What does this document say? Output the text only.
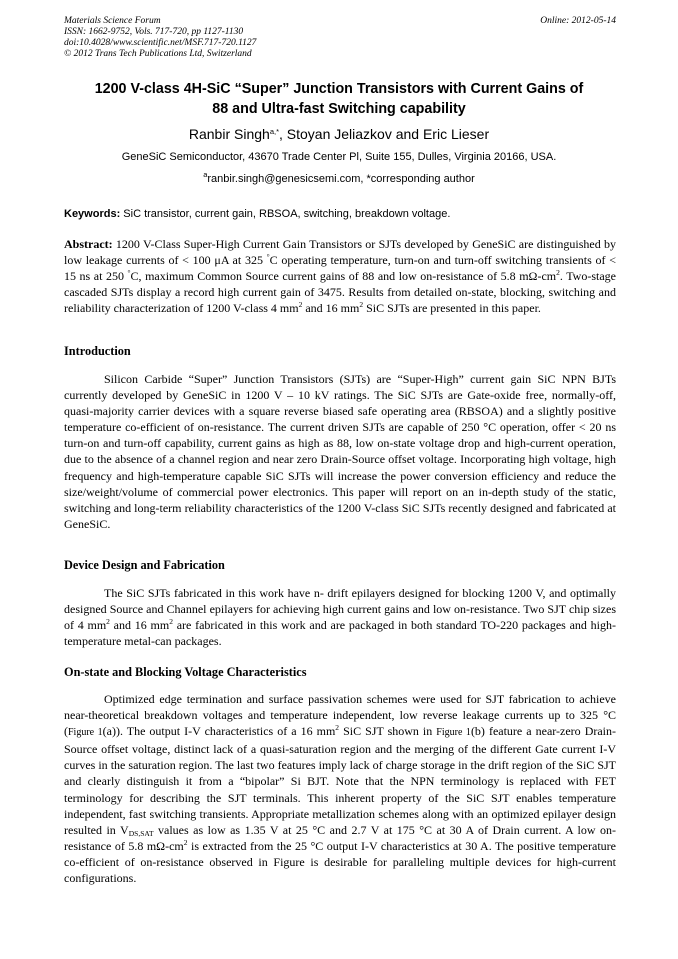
Materials Science Forum
ISSN: 1662-9752, Vols. 717-720, pp 1127-1130
doi:10.4028/www.scientific.net/MSF.717-720.1127
© 2012 Trans Tech Publications Ltd, Switzerland
Online: 2012-05-14
1200 V-class 4H-SiC “Super” Junction Transistors with Current Gains of
88 and Ultra-fast Switching capability
Ranbir Singh$^{a,*}$, Stoyan Jeliazkov and Eric Lieser
GeneSiC Semiconductor, 43670 Trade Center Pl, Suite 155, Dulles, Virginia 20166, USA.
$^a$ranbir.singh@genesicsemi.com, *corresponding author
Keywords: SiC transistor, current gain, RBSOA, switching, breakdown voltage.
Abstract: 1200 V-Class Super-High Current Gain Transistors or SJTs developed by GeneSiC are distinguished by low leakage currents of < 100 μA at 325 °C operating temperature, turn-on and turn-off switching transients of < 15 ns at 250 °C, maximum Common Source current gains of 88 and low on-resistance of 5.8 $m\Omega-cm^2$. Two-stage cascaded SJTs display a record high current gain of 3475. Results from detailed on-state, blocking, switching and reliability characterization of 1200 V-class 4 $mm^2$ and 16 $mm^2$ SiC SJTs are presented in this paper.
Introduction
Silicon Carbide “Super” Junction Transistors (SJTs) are “Super-High” current gain SiC NPN BJTs currently developed by GeneSiC in 1200 V – 10 kV ratings. The SiC SJTs are Gate-oxide free, normally-off, quasi-majority carrier devices with a square reverse biased safe operating area (RBSOA) and a slightly positive temperature co-efficient of on-resistance. The current driven SJTs are capable of 250 °C operation, offer < 20 ns turn-on and turn-off capability, current gains as high as 88, low on-state voltage drop and high-current operation, due to the absence of a channel region and near zero Drain-Source offset voltage. Incorporating high voltage, high frequency and high-temperature capable SiC SJTs will increase the power conversion efficiency and reduce the size/weight/volume of commercial power electronics. This paper will report on an in-depth study of the static, switching and long-term reliability characteristics of the 1200 V-class SiC SJTs recently designed and fabricated at GeneSiC.
Device Design and Fabrication
The SiC SJTs fabricated in this work have n- drift epilayers designed for blocking 1200 V, and optimally designed Source and Channel epilayers for achieving high current gains and low on-resistance. Two SJT chip sizes of 4 $mm^2$ and 16 $mm^2$ are fabricated in this work and are packaged in both standard TO-220 packages and high-temperature metal-can packages.
On-state and Blocking Voltage Characteristics
Optimized edge termination and surface passivation schemes were used for SJT fabrication to achieve near-theoretical breakdown voltages and temperature independent, low reverse leakage currents up to 325 °C (Figure 1(a)). The output I-V characteristics of a 16 $mm^2$ SiC SJT shown in Figure 1(b) feature a near-zero Drain-Source offset voltage, distinct lack of a quasi-saturation region and the merging of the different Gate current I-V curves in the saturation region. The last two features imply lack of charge storage in the drift region of the SiC SJT and clearly distinguish it from a “bipolar” Si BJT. Note that the NPN terminology is replaced with FET terminology for describing the SJT terminals. This inherent property of the SiC SJT enables temperature independent, fast switching transients. Appropriate metallization schemes along with an optimized epilayer design resulted in $V_{DS,SAT}$ values as low as 1.35 V at 25 °C and 2.7 V at 175 °C at 30 A of Drain current. A low on-resistance of 5.8 $m\Omega-cm^2$ is extracted from the 25 °C output I-V characteristics at 30 A. The positive temperature co-efficient of on-resistance observed in Figure is desirable for paralleling multiple devices for high-current configurations.
